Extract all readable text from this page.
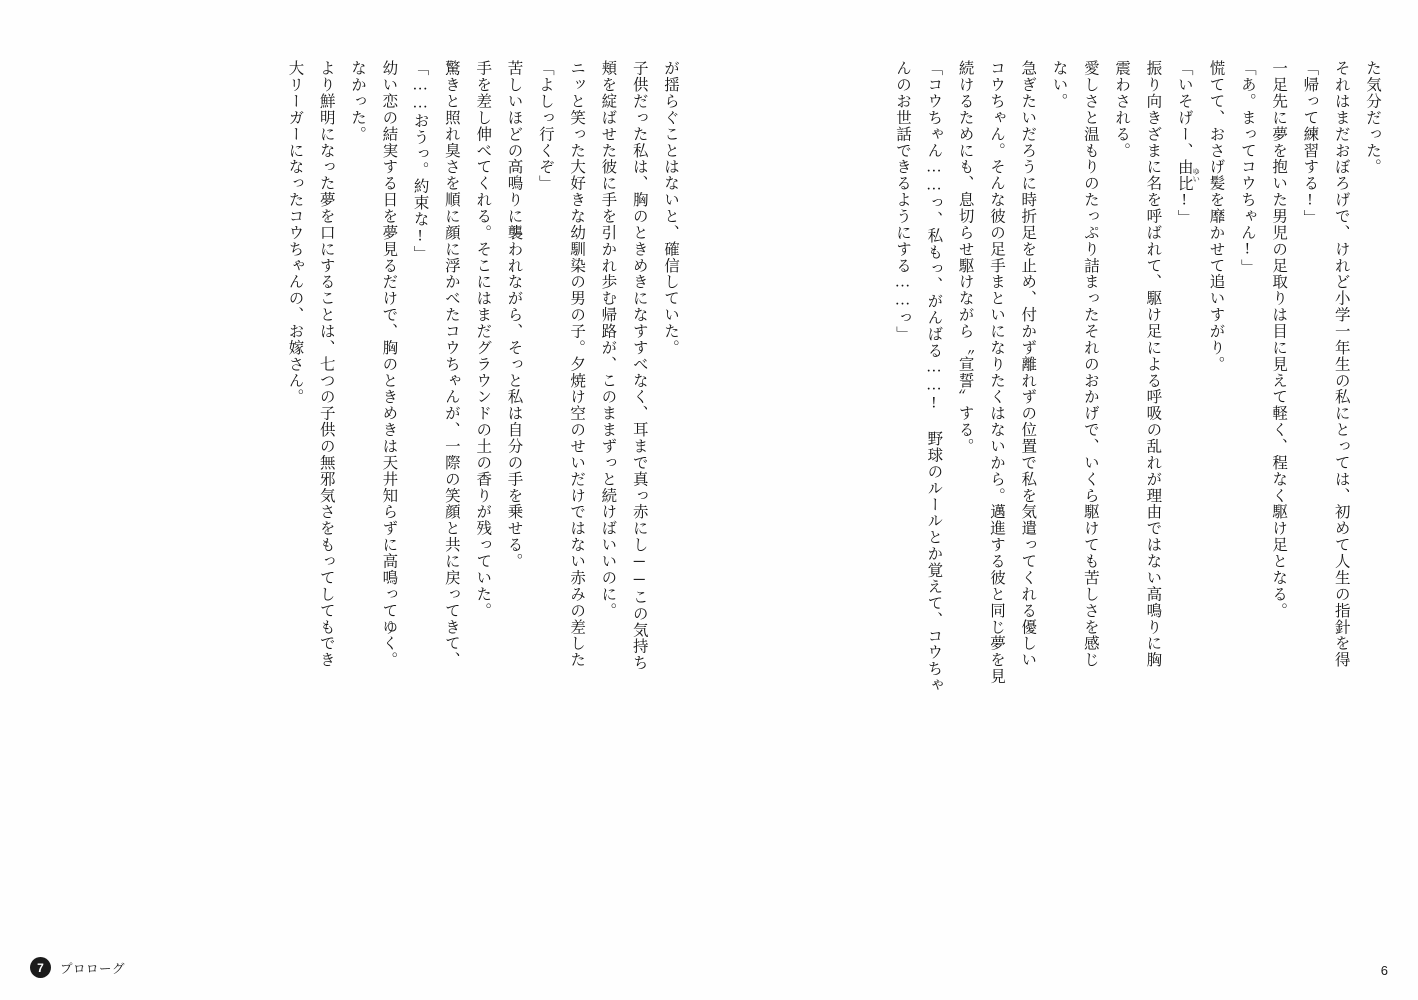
が揺らぐことはないと、確信していた。
子供だった私は、胸のときめきになすすべなく、耳まで真っ赤にし──この気持ち
頬を綻ばせた彼に手を引かれ歩む帰路が、このままずっと続けばいいのに。
ニッと笑った大好きな幼馴染の男の子。夕焼け空のせいだけではない赤みの差した
「よしっ行くぞ」
苦しいほどの高鳴りに襲われながら、そっと私は自分の手を乗せる。
手を差し伸べてくれる。そこにはまだグラウンドの土の香りが残っていた。
驚きと照れ臭さを順に顔に浮かべたコウちゃんが、一際の笑顔と共に戻ってきて、
「……おうっ。約束な!」
幼い恋の結実する日を夢見るだけで、胸のときめきは天井知らずに高鳴ってゆく。
なかった。
より鮮明になった夢を口にすることは、七つの子供の無邪気さをもってしてもでき
大リーガーになったコウちゃんの、お嫁さん。
7	プロローグ
た気分だった。
それはまだおぼろげで、けれど小学一年生の私にとっては、初めて人生の指針を得
「帰って練習する!」
一足先に夢を抱いた男児の足取りは目に見えて軽く、程なく駆け足となる。
「あ。まってコウちゃん!」
慌てて、おさげ髪を靡かせて追いすがり。
「いそげー、由比 ゆい!」
振り向きざまに名を呼ばれて、駆け足による呼吸の乱れが理由ではない高鳴りに胸
震わされる。
愛しさと温もりのたっぷり詰まったそれのおかげで、いくら駆けても苦しさを感じ
ない。
急ぎたいだろうに時折足を止め、付かず離れずの位置で私を気遣ってくれる優しい
コウちゃん。そんな彼の足手まといになりたくはないから。邁進する彼と同じ夢を見
続けるためにも、息切らせ駆けながら〝宣誓〟する。
「コウちゃん……っ、私もっ、がんばる……! 野球のルールとか覚えて、コウちゃ
んのお世話できるようにする……っ」
6
